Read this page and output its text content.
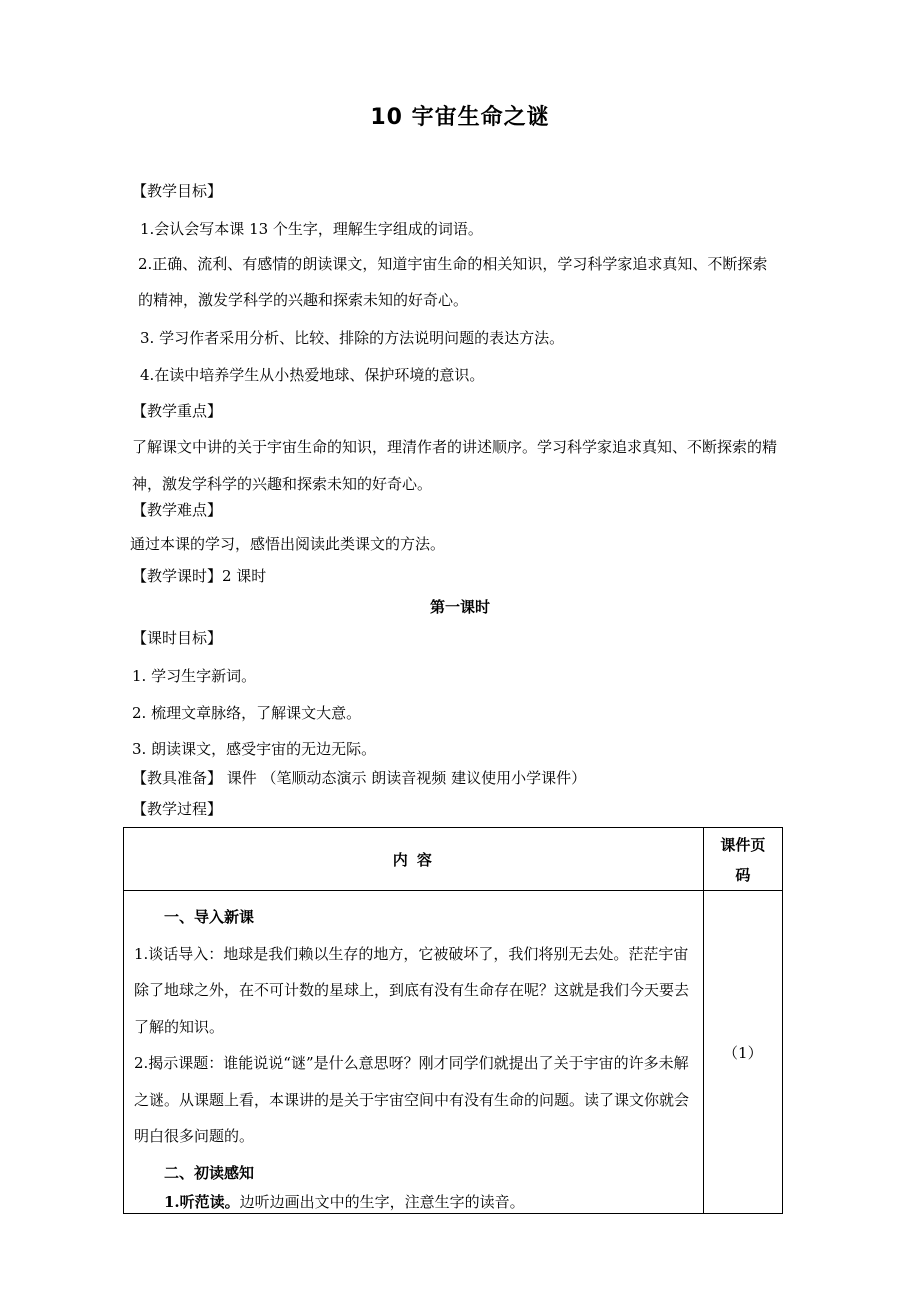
10 宇宙生命之谜
【教学目标】
1.会认会写本课 13 个生字，理解生字组成的词语。
2.正确、流利、有感情的朗读课文，知道宇宙生命的相关知识，学习科学家追求真知、不断探索的精神，激发学科学的兴趣和探索未知的好奇心。
3. 学习作者采用分析、比较、排除的方法说明问题的表达方法。
4.在读中培养学生从小热爱地球、保护环境的意识。
【教学重点】
了解课文中讲的关于宇宙生命的知识，理清作者的讲述顺序。学习科学家追求真知、不断探索的精神，激发学科学的兴趣和探索未知的好奇心。
【教学难点】
通过本课的学习，感悟出阅读此类课文的方法。
【教学课时】2 课时
第一课时
【课时目标】
1. 学习生字新词。
2. 梳理文章脉络，了解课文大意。
3. 朗读课文，感受宇宙的无边无际。
【教具准备】 课件 （笔顺动态演示 朗读音视频 建议使用小学课件）
【教学过程】
内 容	课件页
码

一、导入新课
1.谈话导入：地球是我们赖以生存的地方，它被破坏了，我们将别无去处。茫茫宇宙除了地球之外，在不可计数的星球上，到底有没有生命存在呢？这就是我们今天要去了解的知识。
2.揭示课题：谁能说说“谜”是什么意思呀？刚才同学们就提出了关于宇宙的许多未解之谜。从课题上看，本课讲的是关于宇宙空间中有没有生命的问题。读了课文你就会明白很多问题的。
二、初读感知
1.听范读。边听边画出文中的生字，注意生字的读音。	（1）
